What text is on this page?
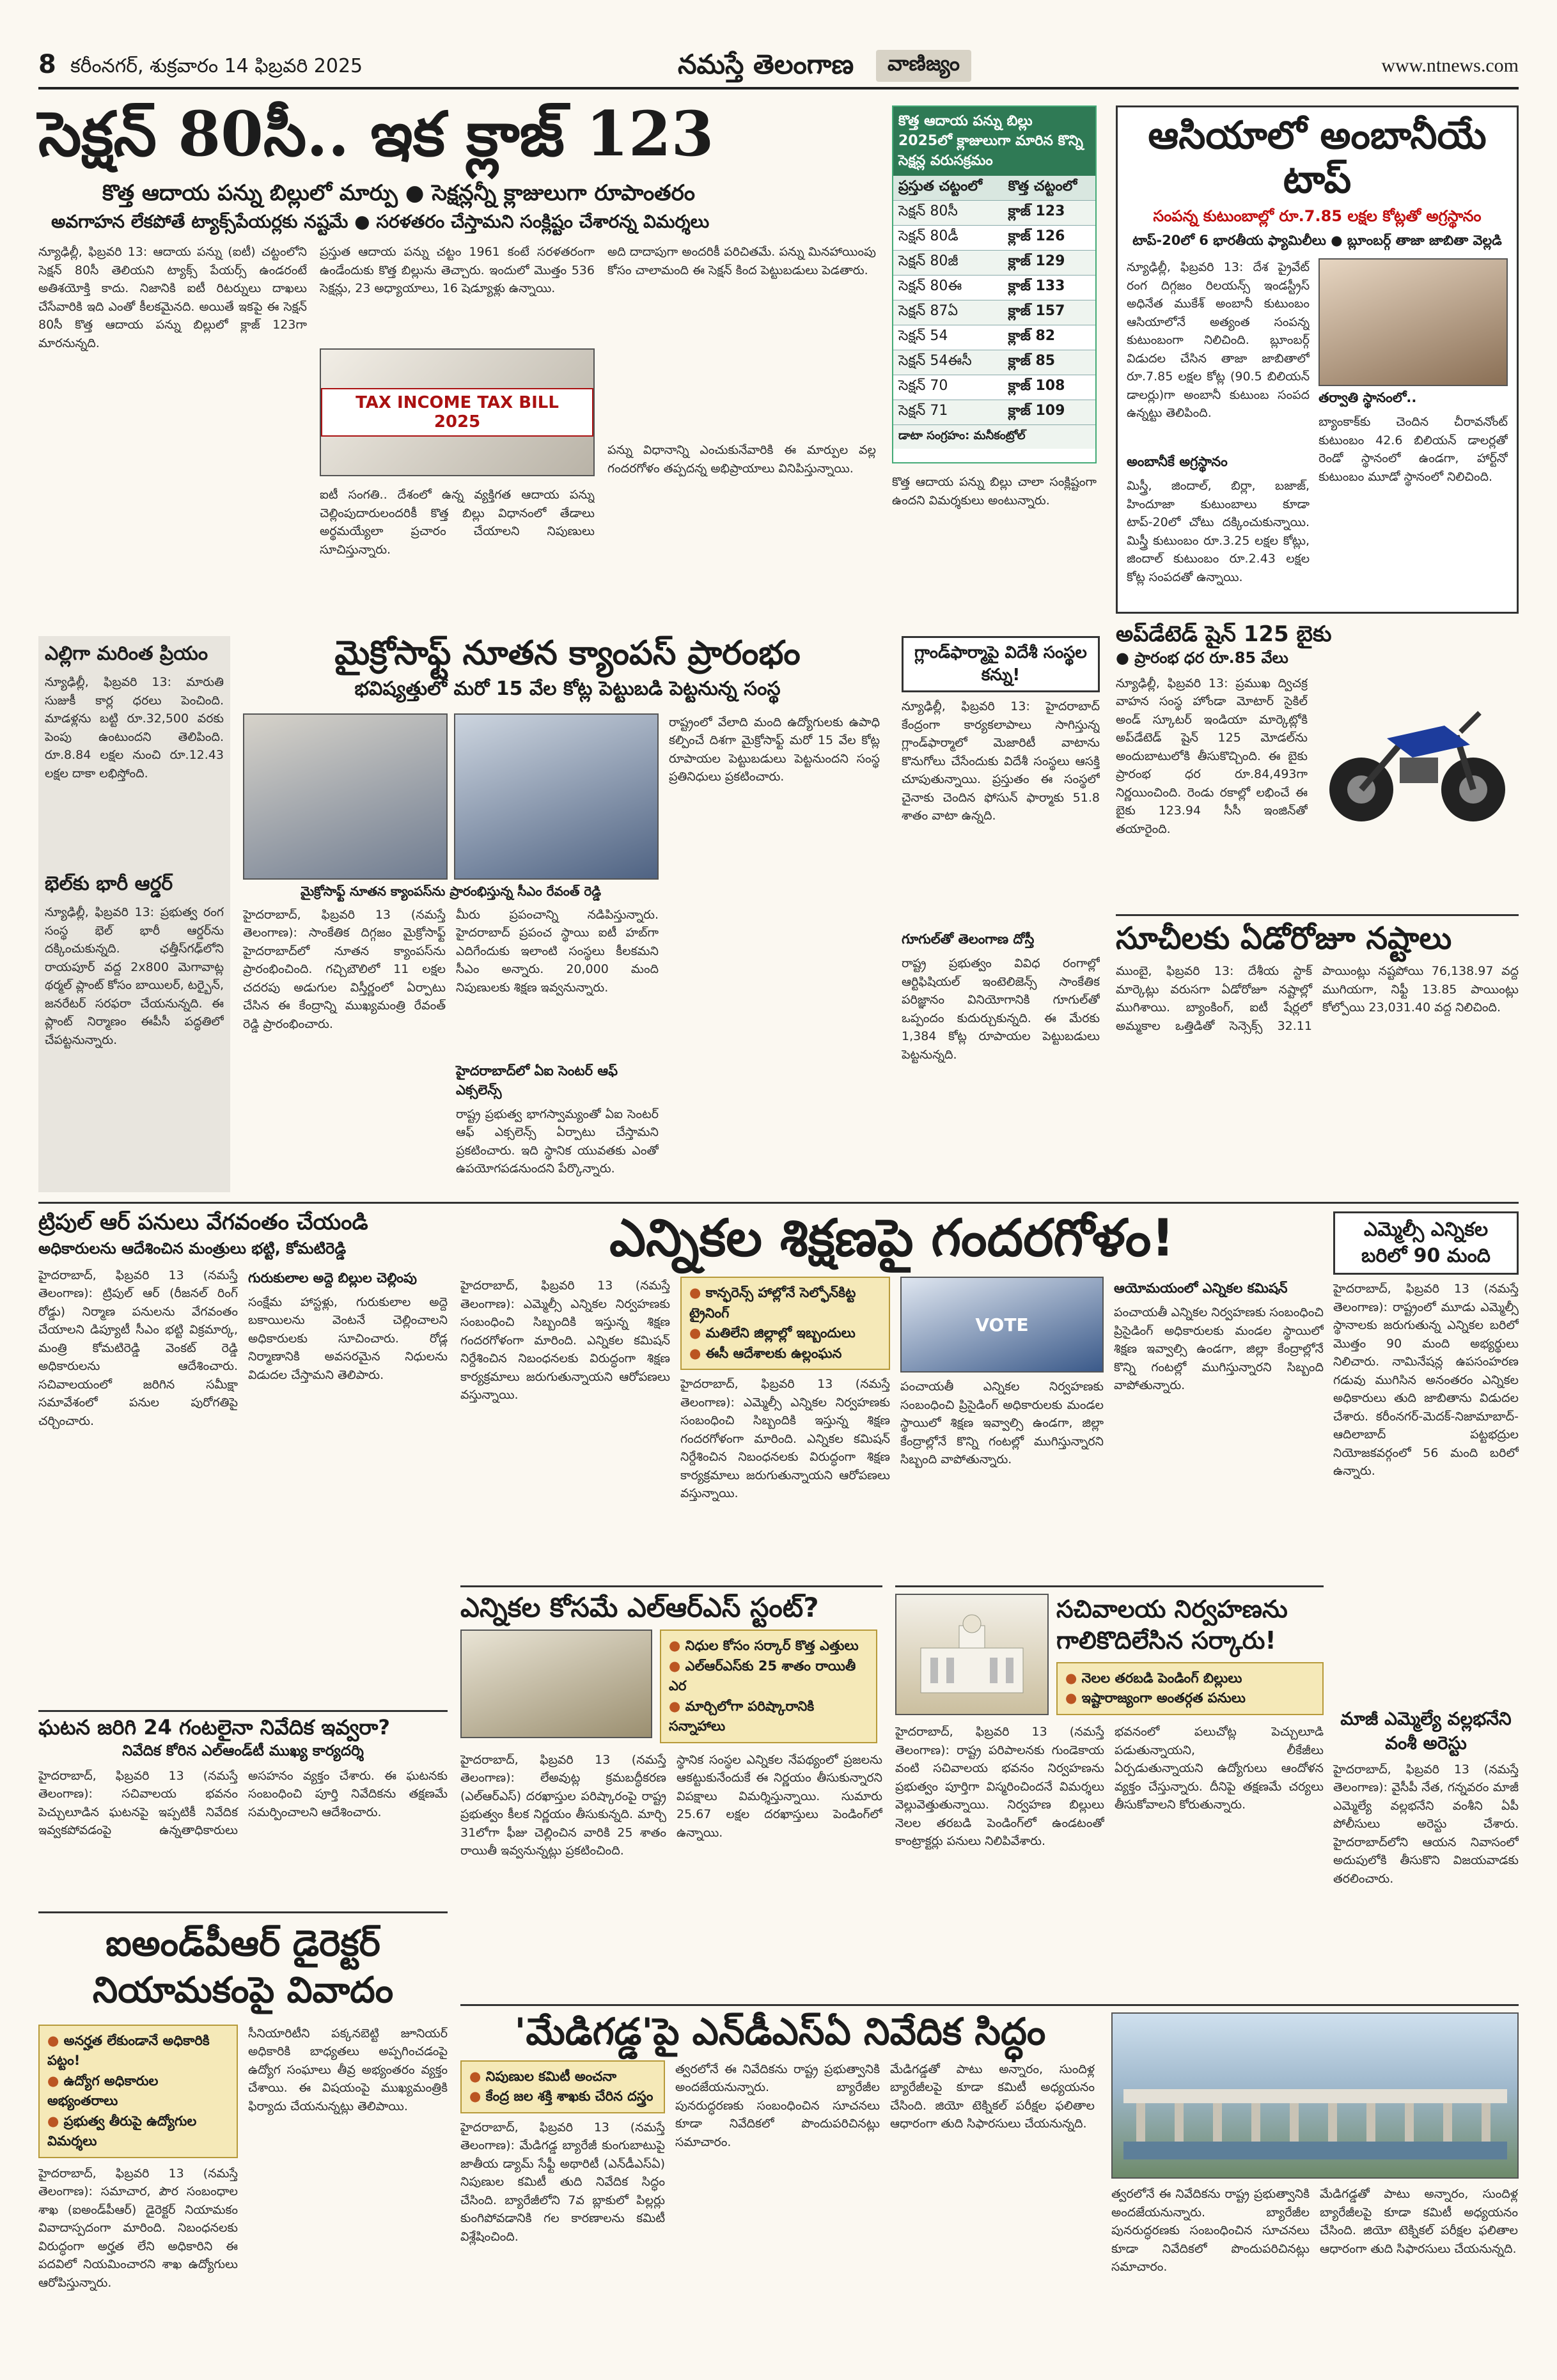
8 కరీంనగర్, శుక్రవారం 14 ఫిబ్రవరి 2025	నమస్తే తెలంగాణ	వాణిజ్యం	www.ntnews.com
సెక్షన్ 80సీ.. ఇక క్లాజ్ 123
కొత్త ఆదాయ పన్ను బిల్లులో మార్పు ● సెక్షన్లన్నీ క్లాజులుగా రూపాంతరం
అవగాహన లేకపోతే ట్యాక్స్‌పేయర్లకు నష్టమే ● సరళతరం చేస్తామని సంక్లిష్టం చేశారన్న విమర్శలు
న్యూఢిల్లీ, ఫిబ్రవరి 13: ఆదాయ పన్ను (ఐటీ) చట్టంలోని సెక్షన్ 80సీ తెలియని ట్యాక్స్ పేయర్స్ ఉండరంటే అతిశయోక్తి కాదు. నిజానికి ఐటీ రిటర్నులు దాఖలు చేసేవారికి ఇది ఎంతో కీలకమైనది. అయితే ఇకపై ఈ సెక్షన్ 80సీ కొత్త ఆదాయ పన్ను బిల్లులో క్లాజ్ 123గా మారనున్నది.
ప్రస్తుత ఆదాయ పన్ను చట్టం 1961 కంటే సరళతరంగా ఉండేందుకు కొత్త బిల్లును తెచ్చారు. ఇందులో మొత్తం 536 సెక్షన్లు, 23 అధ్యాయాలు, 16 షెడ్యూళ్లు ఉన్నాయి.
TAX INCOME TAX BILL 2025
ఐటీ సంగతి.. దేశంలో ఉన్న వ్యక్తిగత ఆదాయ పన్ను చెల్లింపుదారులందరికీ కొత్త బిల్లు విధానంలో తేడాలు అర్థమయ్యేలా ప్రచారం చేయాలని నిపుణులు సూచిస్తున్నారు.
అది దాదాపుగా అందరికీ పరిచితమే. పన్ను మినహాయింపు కోసం చాలామంది ఈ సెక్షన్ కింద పెట్టుబడులు పెడతారు.
పన్ను విధానాన్ని ఎంచుకునేవారికి ఈ మార్పుల వల్ల గందరగోళం తప్పదన్న అభిప్రాయాలు వినిపిస్తున్నాయి.
కొత్త ఆదాయ పన్ను బిల్లు 2025లో క్లాజులుగా మారిన కొన్ని సెక్షన్ల వరుసక్రమం
ప్రస్తుత చట్టంలో	కొత్త చట్టంలో
సెక్షన్ 80సీ	క్లాజ్ 123
సెక్షన్ 80డీ	క్లాజ్ 126
సెక్షన్ 80జీ	క్లాజ్ 129
సెక్షన్ 80ఈ	క్లాజ్ 133
సెక్షన్ 87ఏ	క్లాజ్ 157
సెక్షన్ 54	క్లాజ్ 82
సెక్షన్ 54ఈసీ	క్లాజ్ 85
సెక్షన్ 70	క్లాజ్ 108
సెక్షన్ 71	క్లాజ్ 109
డాటా సంగ్రహం: మనీకంట్రోల్
కొత్త ఆదాయ పన్ను బిల్లు చాలా సంక్లిష్టంగా ఉందని విమర్శకులు అంటున్నారు.
ఆసియాలో అంబానీయే టాప్
సంపన్న కుటుంబాల్లో రూ.7.85 లక్షల కోట్లతో అగ్రస్థానం
టాప్-20లో 6 భారతీయ ఫ్యామిలీలు ● బ్లూంబర్గ్ తాజా జాబితా వెల్లడి
న్యూఢిల్లీ, ఫిబ్రవరి 13: దేశ ప్రైవేట్ రంగ దిగ్గజం రిలయన్స్ ఇండస్ట్రీస్ అధినేత ముకేశ్ అంబానీ కుటుంబం ఆసియాలోనే అత్యంత సంపన్న కుటుంబంగా నిలిచింది. బ్లూంబర్గ్ విడుదల చేసిన తాజా జాబితాలో రూ.7.85 లక్షల కోట్ల (90.5 బిలియన్ డాలర్లు)గా అంబానీ కుటుంబ సంపద ఉన్నట్టు తెలిపింది.
అంబానీకే అగ్రస్థానం
మిస్త్రీ, జిందాల్, బిర్లా, బజాజ్, హిందూజా కుటుంబాలు కూడా టాప్-20లో చోటు దక్కించుకున్నాయి. మిస్త్రీ కుటుంబం రూ.3.25 లక్షల కోట్లు, జిందాల్ కుటుంబం రూ.2.43 లక్షల కోట్ల సంపదతో ఉన్నాయి.
తర్వాతి స్థానంలో..
బ్యాంకాక్‌కు చెందిన చీరావనోంట్ కుటుంబం 42.6 బిలియన్ డాలర్లతో రెండో స్థానంలో ఉండగా, హార్ట్‌నో కుటుంబం మూడో స్థానంలో నిలిచింది.
అప్‌డేటెడ్ షైన్ 125 బైకు
● ప్రారంభ ధర రూ.85 వేలు
న్యూఢిల్లీ, ఫిబ్రవరి 13: ప్రముఖ ద్విచక్ర వాహన సంస్థ హోండా మోటార్ సైకిల్ అండ్ స్కూటర్ ఇండియా మార్కెట్లోకి అప్‌డేటెడ్ షైన్ 125 మోడల్‌ను అందుబాటులోకి తీసుకొచ్చింది. ఈ బైకు ప్రారంభ ధర రూ.84,493గా నిర్ణయించింది. రెండు రకాల్లో లభించే ఈ బైకు 123.94 సీసీ ఇంజిన్‌తో తయారైంది.
సూచీలకు ఏడోరోజూ నష్టాలు
ముంబై, ఫిబ్రవరి 13: దేశీయ స్టాక్ మార్కెట్లు వరుసగా ఏడోరోజూ నష్టాల్లో ముగిశాయి. బ్యాంకింగ్, ఐటీ షేర్లలో అమ్మకాల ఒత్తిడితో సెన్సెక్స్ 32.11 పాయింట్లు నష్టపోయి 76,138.97 వద్ద ముగియగా, నిఫ్టీ 13.85 పాయింట్లు కోల్పోయి 23,031.40 వద్ద నిలిచింది.
ఎల్లిగా మరింత ప్రియం
న్యూఢిల్లీ, ఫిబ్రవరి 13: మారుతి సుజుకీ కార్ల ధరలు పెంచింది. మాడళ్లను బట్టి రూ.32,500 వరకు పెంపు ఉంటుందని తెలిపింది. రూ.8.84 లక్షల నుంచి రూ.12.43 లక్షల దాకా లభిస్తోంది.
భెల్‌కు భారీ ఆర్డర్
న్యూఢిల్లీ, ఫిబ్రవరి 13: ప్రభుత్వ రంగ సంస్థ భెల్ భారీ ఆర్డర్‌ను దక్కించుకున్నది. ఛత్తీస్‌గఢ్‌లోని రాయపూర్ వద్ద 2x800 మెగావాట్ల థర్మల్ ప్లాంట్ కోసం బాయిలర్, టర్బైన్, జనరేటర్ సరఫరా చేయనున్నది. ఈ ప్లాంట్ నిర్మాణం ఈపీసీ పద్ధతిలో చేపట్టనున్నారు.
మైక్రోసాఫ్ట్ నూతన క్యాంపస్ ప్రారంభం
భవిష్యత్తులో మరో 15 వేల కోట్ల పెట్టుబడి పెట్టనున్న సంస్థ
మైక్రోసాఫ్ట్ నూతన క్యాంపస్‌ను ప్రారంభిస్తున్న సీఎం రేవంత్ రెడ్డి
హైదరాబాద్, ఫిబ్రవరి 13 (నమస్తే తెలంగాణ): సాంకేతిక దిగ్గజం మైక్రోసాఫ్ట్ హైదరాబాద్‌లో నూతన క్యాంపస్‌ను ప్రారంభించింది. గచ్చిబౌలిలో 11 లక్షల చదరపు అడుగుల విస్తీర్ణంలో ఏర్పాటు చేసిన ఈ కేంద్రాన్ని ముఖ్యమంత్రి రేవంత్ రెడ్డి ప్రారంభించారు.
మీరు ప్రపంచాన్ని నడిపిస్తున్నారు. హైదరాబాద్ ప్రపంచ స్థాయి ఐటీ హబ్‌గా ఎదిగేందుకు ఇలాంటి సంస్థలు కీలకమని సీఎం అన్నారు. 20,000 మంది నిపుణులకు శిక్షణ ఇవ్వనున్నారు.
హైదరాబాద్‌లో ఏఐ సెంటర్ ఆఫ్ ఎక్సలెన్స్
రాష్ట్ర ప్రభుత్వ భాగస్వామ్యంతో ఏఐ సెంటర్ ఆఫ్ ఎక్సలెన్స్ ఏర్పాటు చేస్తామని ప్రకటించారు. ఇది స్థానిక యువతకు ఎంతో ఉపయోగపడనుందని పేర్కొన్నారు.
రాష్ట్రంలో వేలాది మంది ఉద్యోగులకు ఉపాధి కల్పించే దిశగా మైక్రోసాఫ్ట్ మరో 15 వేల కోట్ల రూపాయల పెట్టుబడులు పెట్టనుందని సంస్థ ప్రతినిధులు ప్రకటించారు.
గ్లాండ్‌ఫార్మాపై విదేశీ సంస్థల కన్ను!
న్యూఢిల్లీ, ఫిబ్రవరి 13: హైదరాబాద్ కేంద్రంగా కార్యకలాపాలు సాగిస్తున్న గ్లాండ్‌ఫార్మాలో మెజారిటీ వాటాను కొనుగోలు చేసేందుకు విదేశీ సంస్థలు ఆసక్తి చూపుతున్నాయి. ప్రస్తుతం ఈ సంస్థలో చైనాకు చెందిన ఫోసున్ ఫార్మాకు 51.8 శాతం వాటా ఉన్నది.
గూగుల్‌తో తెలంగాణ దోస్తీ
రాష్ట్ర ప్రభుత్వం వివిధ రంగాల్లో ఆర్టిఫిషియల్ ఇంటెలిజెన్స్ సాంకేతిక పరిజ్ఞానం వినియోగానికి గూగుల్‌తో ఒప్పందం కుదుర్చుకున్నది. ఈ మేరకు 1,384 కోట్ల రూపాయల పెట్టుబడులు పెట్టనున్నది.
ట్రిపుల్ ఆర్ పనులు వేగవంతం చేయండి
అధికారులను ఆదేశించిన మంత్రులు భట్టి, కోమటిరెడ్డి
హైదరాబాద్, ఫిబ్రవరి 13 (నమస్తే తెలంగాణ): ట్రిపుల్ ఆర్ (రీజనల్ రింగ్ రోడ్డు) నిర్మాణ పనులను వేగవంతం చేయాలని డిప్యూటీ సీఎం భట్టి విక్రమార్క, మంత్రి కోమటిరెడ్డి వెంకట్ రెడ్డి అధికారులను ఆదేశించారు. సచివాలయంలో జరిగిన సమీక్షా సమావేశంలో పనుల పురోగతిపై చర్చించారు.
గురుకులాల అద్దె బిల్లుల చెల్లింపు
సంక్షేమ హాస్టళ్లు, గురుకులాల అద్దె బకాయిలను వెంటనే చెల్లించాలని అధికారులకు సూచించారు. రోడ్ల నిర్మాణానికి అవసరమైన నిధులను విడుదల చేస్తామని తెలిపారు.
ఘటన జరిగి 24 గంటలైనా నివేదిక ఇవ్వరా?
నివేదిక కోరిన ఎల్‌ఆండ్‌టీ ముఖ్య కార్యదర్శి
హైదరాబాద్, ఫిబ్రవరి 13 (నమస్తే తెలంగాణ): సచివాలయ భవనం పెచ్చులూడిన ఘటనపై ఇప్పటికీ నివేదిక ఇవ్వకపోవడంపై ఉన్నతాధికారులు అసహనం వ్యక్తం చేశారు. ఈ ఘటనకు సంబంధించి పూర్తి నివేదికను తక్షణమే సమర్పించాలని ఆదేశించారు.
ఐఅండ్‌పీఆర్ డైరెక్టర్ నియామకంపై వివాదం
● అనర్హత లేకుండానే అధికారికి పట్టం!
● ఉద్యోగ అధికారుల అభ్యంతరాలు
● ప్రభుత్వ తీరుపై ఉద్యోగుల విమర్శలు
హైదరాబాద్, ఫిబ్రవరి 13 (నమస్తే తెలంగాణ): సమాచార, పౌర సంబంధాల శాఖ (ఐఅండ్‌పీఆర్) డైరెక్టర్ నియామకం వివాదాస్పదంగా మారింది. నిబంధనలకు విరుద్ధంగా అర్హత లేని అధికారిని ఈ పదవిలో నియమించారని శాఖ ఉద్యోగులు ఆరోపిస్తున్నారు.
సీనియారిటీని పక్కనబెట్టి జూనియర్ అధికారికి బాధ్యతలు అప్పగించడంపై ఉద్యోగ సంఘాలు తీవ్ర అభ్యంతరం వ్యక్తం చేశాయి. ఈ విషయంపై ముఖ్యమంత్రికి ఫిర్యాదు చేయనున్నట్లు తెలిపాయి.
ఎన్నికల శిక్షణపై గందరగోళం!
హైదరాబాద్, ఫిబ్రవరి 13 (నమస్తే తెలంగాణ): ఎమ్మెల్సీ ఎన్నికల నిర్వహణకు సంబంధించి సిబ్బందికి ఇస్తున్న శిక్షణ గందరగోళంగా మారింది. ఎన్నికల కమిషన్ నిర్దేశించిన నిబంధనలకు విరుద్ధంగా శిక్షణ కార్యక్రమాలు జరుగుతున్నాయని ఆరోపణలు వస్తున్నాయి.
● కాన్ఫరెన్స్ హాల్లోనే సెల్ఫోన్‌కిట్ట ట్రైనింగ్
● మతిలేని జిల్లాల్లో ఇబ్బందులు
● ఈసీ ఆదేశాలకు ఉల్లంఘన
హైదరాబాద్, ఫిబ్రవరి 13 (నమస్తే తెలంగాణ): ఎమ్మెల్సీ ఎన్నికల నిర్వహణకు సంబంధించి సిబ్బందికి ఇస్తున్న శిక్షణ గందరగోళంగా మారింది. ఎన్నికల కమిషన్ నిర్దేశించిన నిబంధనలకు విరుద్ధంగా శిక్షణ కార్యక్రమాలు జరుగుతున్నాయని ఆరోపణలు వస్తున్నాయి.
VOTE
పంచాయతీ ఎన్నికల నిర్వహణకు సంబంధించి ప్రిసైడింగ్ అధికారులకు మండల స్థాయిలో శిక్షణ ఇవ్వాల్సి ఉండగా, జిల్లా కేంద్రాల్లోనే కొన్ని గంటల్లో ముగిస్తున్నారని సిబ్బంది వాపోతున్నారు.
ఆయోమయంలో ఎన్నికల కమిషన్
పంచాయతీ ఎన్నికల నిర్వహణకు సంబంధించి ప్రిసైడింగ్ అధికారులకు మండల స్థాయిలో శిక్షణ ఇవ్వాల్సి ఉండగా, జిల్లా కేంద్రాల్లోనే కొన్ని గంటల్లో ముగిస్తున్నారని సిబ్బంది వాపోతున్నారు.
ఎమ్మెల్సీ ఎన్నికల బరిలో 90 మంది
హైదరాబాద్, ఫిబ్రవరి 13 (నమస్తే తెలంగాణ): రాష్ట్రంలో మూడు ఎమ్మెల్సీ స్థానాలకు జరుగుతున్న ఎన్నికల బరిలో మొత్తం 90 మంది అభ్యర్థులు నిలిచారు. నామినేషన్ల ఉపసంహరణ గడువు ముగిసిన అనంతరం ఎన్నికల అధికారులు తుది జాబితాను విడుదల చేశారు. కరీంనగర్-మెదక్-నిజామాబాద్-ఆదిలాబాద్ పట్టభద్రుల నియోజకవర్గంలో 56 మంది బరిలో ఉన్నారు.
మాజీ ఎమ్మెల్యే వల్లభనేని వంశీ అరెస్టు
హైదరాబాద్, ఫిబ్రవరి 13 (నమస్తే తెలంగాణ): వైసీపీ నేత, గన్నవరం మాజీ ఎమ్మెల్యే వల్లభనేని వంశీని ఏపీ పోలీసులు అరెస్టు చేశారు. హైదరాబాద్‌లోని ఆయన నివాసంలో అదుపులోకి తీసుకొని విజయవాడకు తరలించారు.
ఎన్నికల కోసమే ఎల్ఆర్ఎస్ స్టంట్?
● నిధుల కోసం సర్కార్ కొత్త ఎత్తులు
● ఎల్ఆర్ఎస్‌కు 25 శాతం రాయితీ ఎర
● మార్చిలోగా పరిష్కారానికి సన్నాహాలు
హైదరాబాద్, ఫిబ్రవరి 13 (నమస్తే తెలంగాణ): లేఅవుట్ల క్రమబద్ధీకరణ (ఎల్ఆర్ఎస్) దరఖాస్తుల పరిష్కారంపై రాష్ట్ర ప్రభుత్వం కీలక నిర్ణయం తీసుకున్నది. మార్చి 31లోగా ఫీజు చెల్లించిన వారికి 25 శాతం రాయితీ ఇవ్వనున్నట్లు ప్రకటించింది.
స్థానిక సంస్థల ఎన్నికల నేపథ్యంలో ప్రజలను ఆకట్టుకునేందుకే ఈ నిర్ణయం తీసుకున్నారని విపక్షాలు విమర్శిస్తున్నాయి. సుమారు 25.67 లక్షల దరఖాస్తులు పెండింగ్‌లో ఉన్నాయి.
సచివాలయ నిర్వహణను గాలికొదిలేసిన సర్కారు!
● నెలల తరబడి పెండింగ్ బిల్లులు
● ఇష్టారాజ్యంగా అంతర్గత పనులు
హైదరాబాద్, ఫిబ్రవరి 13 (నమస్తే తెలంగాణ): రాష్ట్ర పరిపాలనకు గుండెకాయ వంటి సచివాలయ భవనం నిర్వహణను ప్రభుత్వం పూర్తిగా విస్మరించిందనే విమర్శలు వెల్లువెత్తుతున్నాయి. నిర్వహణ బిల్లులు నెలల తరబడి పెండింగ్‌లో ఉండటంతో కాంట్రాక్టర్లు పనులు నిలిపివేశారు.
భవనంలో పలుచోట్ల పెచ్చులూడి పడుతున్నాయని, లీకేజీలు ఏర్పడుతున్నాయని ఉద్యోగులు ఆందోళన వ్యక్తం చేస్తున్నారు. దీనిపై తక్షణమే చర్యలు తీసుకోవాలని కోరుతున్నారు.
'మేడిగడ్డ'పై ఎన్‌డీఎస్‌ఏ నివేదిక సిద్ధం
● నిపుణుల కమిటీ అంచనా
● కేంద్ర జల శక్తి శాఖకు చేరిన దస్త్రం
హైదరాబాద్, ఫిబ్రవరి 13 (నమస్తే తెలంగాణ): మేడిగడ్డ బ్యారేజీ కుంగుబాటుపై జాతీయ డ్యామ్ సేఫ్టీ అథారిటీ (ఎన్‌డీఎస్‌ఏ) నిపుణుల కమిటీ తుది నివేదిక సిద్ధం చేసింది. బ్యారేజీలోని 7వ బ్లాకులో పిల్లర్లు కుంగిపోవడానికి గల కారణాలను కమిటీ విశ్లేషించింది.
త్వరలోనే ఈ నివేదికను రాష్ట్ర ప్రభుత్వానికి అందజేయనున్నారు. బ్యారేజీల పునరుద్ధరణకు సంబంధించిన సూచనలు కూడా నివేదికలో పొందుపరిచినట్లు సమాచారం.
మేడిగడ్డతో పాటు అన్నారం, సుందిళ్ల బ్యారేజీలపై కూడా కమిటీ అధ్యయనం చేసింది. జియో టెక్నికల్ పరీక్షల ఫలితాల ఆధారంగా తుది సిఫారసులు చేయనున్నది.
త్వరలోనే ఈ నివేదికను రాష్ట్ర ప్రభుత్వానికి అందజేయనున్నారు. బ్యారేజీల పునరుద్ధరణకు సంబంధించిన సూచనలు కూడా నివేదికలో పొందుపరిచినట్లు సమాచారం.
మేడిగడ్డతో పాటు అన్నారం, సుందిళ్ల బ్యారేజీలపై కూడా కమిటీ అధ్యయనం చేసింది. జియో టెక్నికల్ పరీక్షల ఫలితాల ఆధారంగా తుది సిఫారసులు చేయనున్నది.
